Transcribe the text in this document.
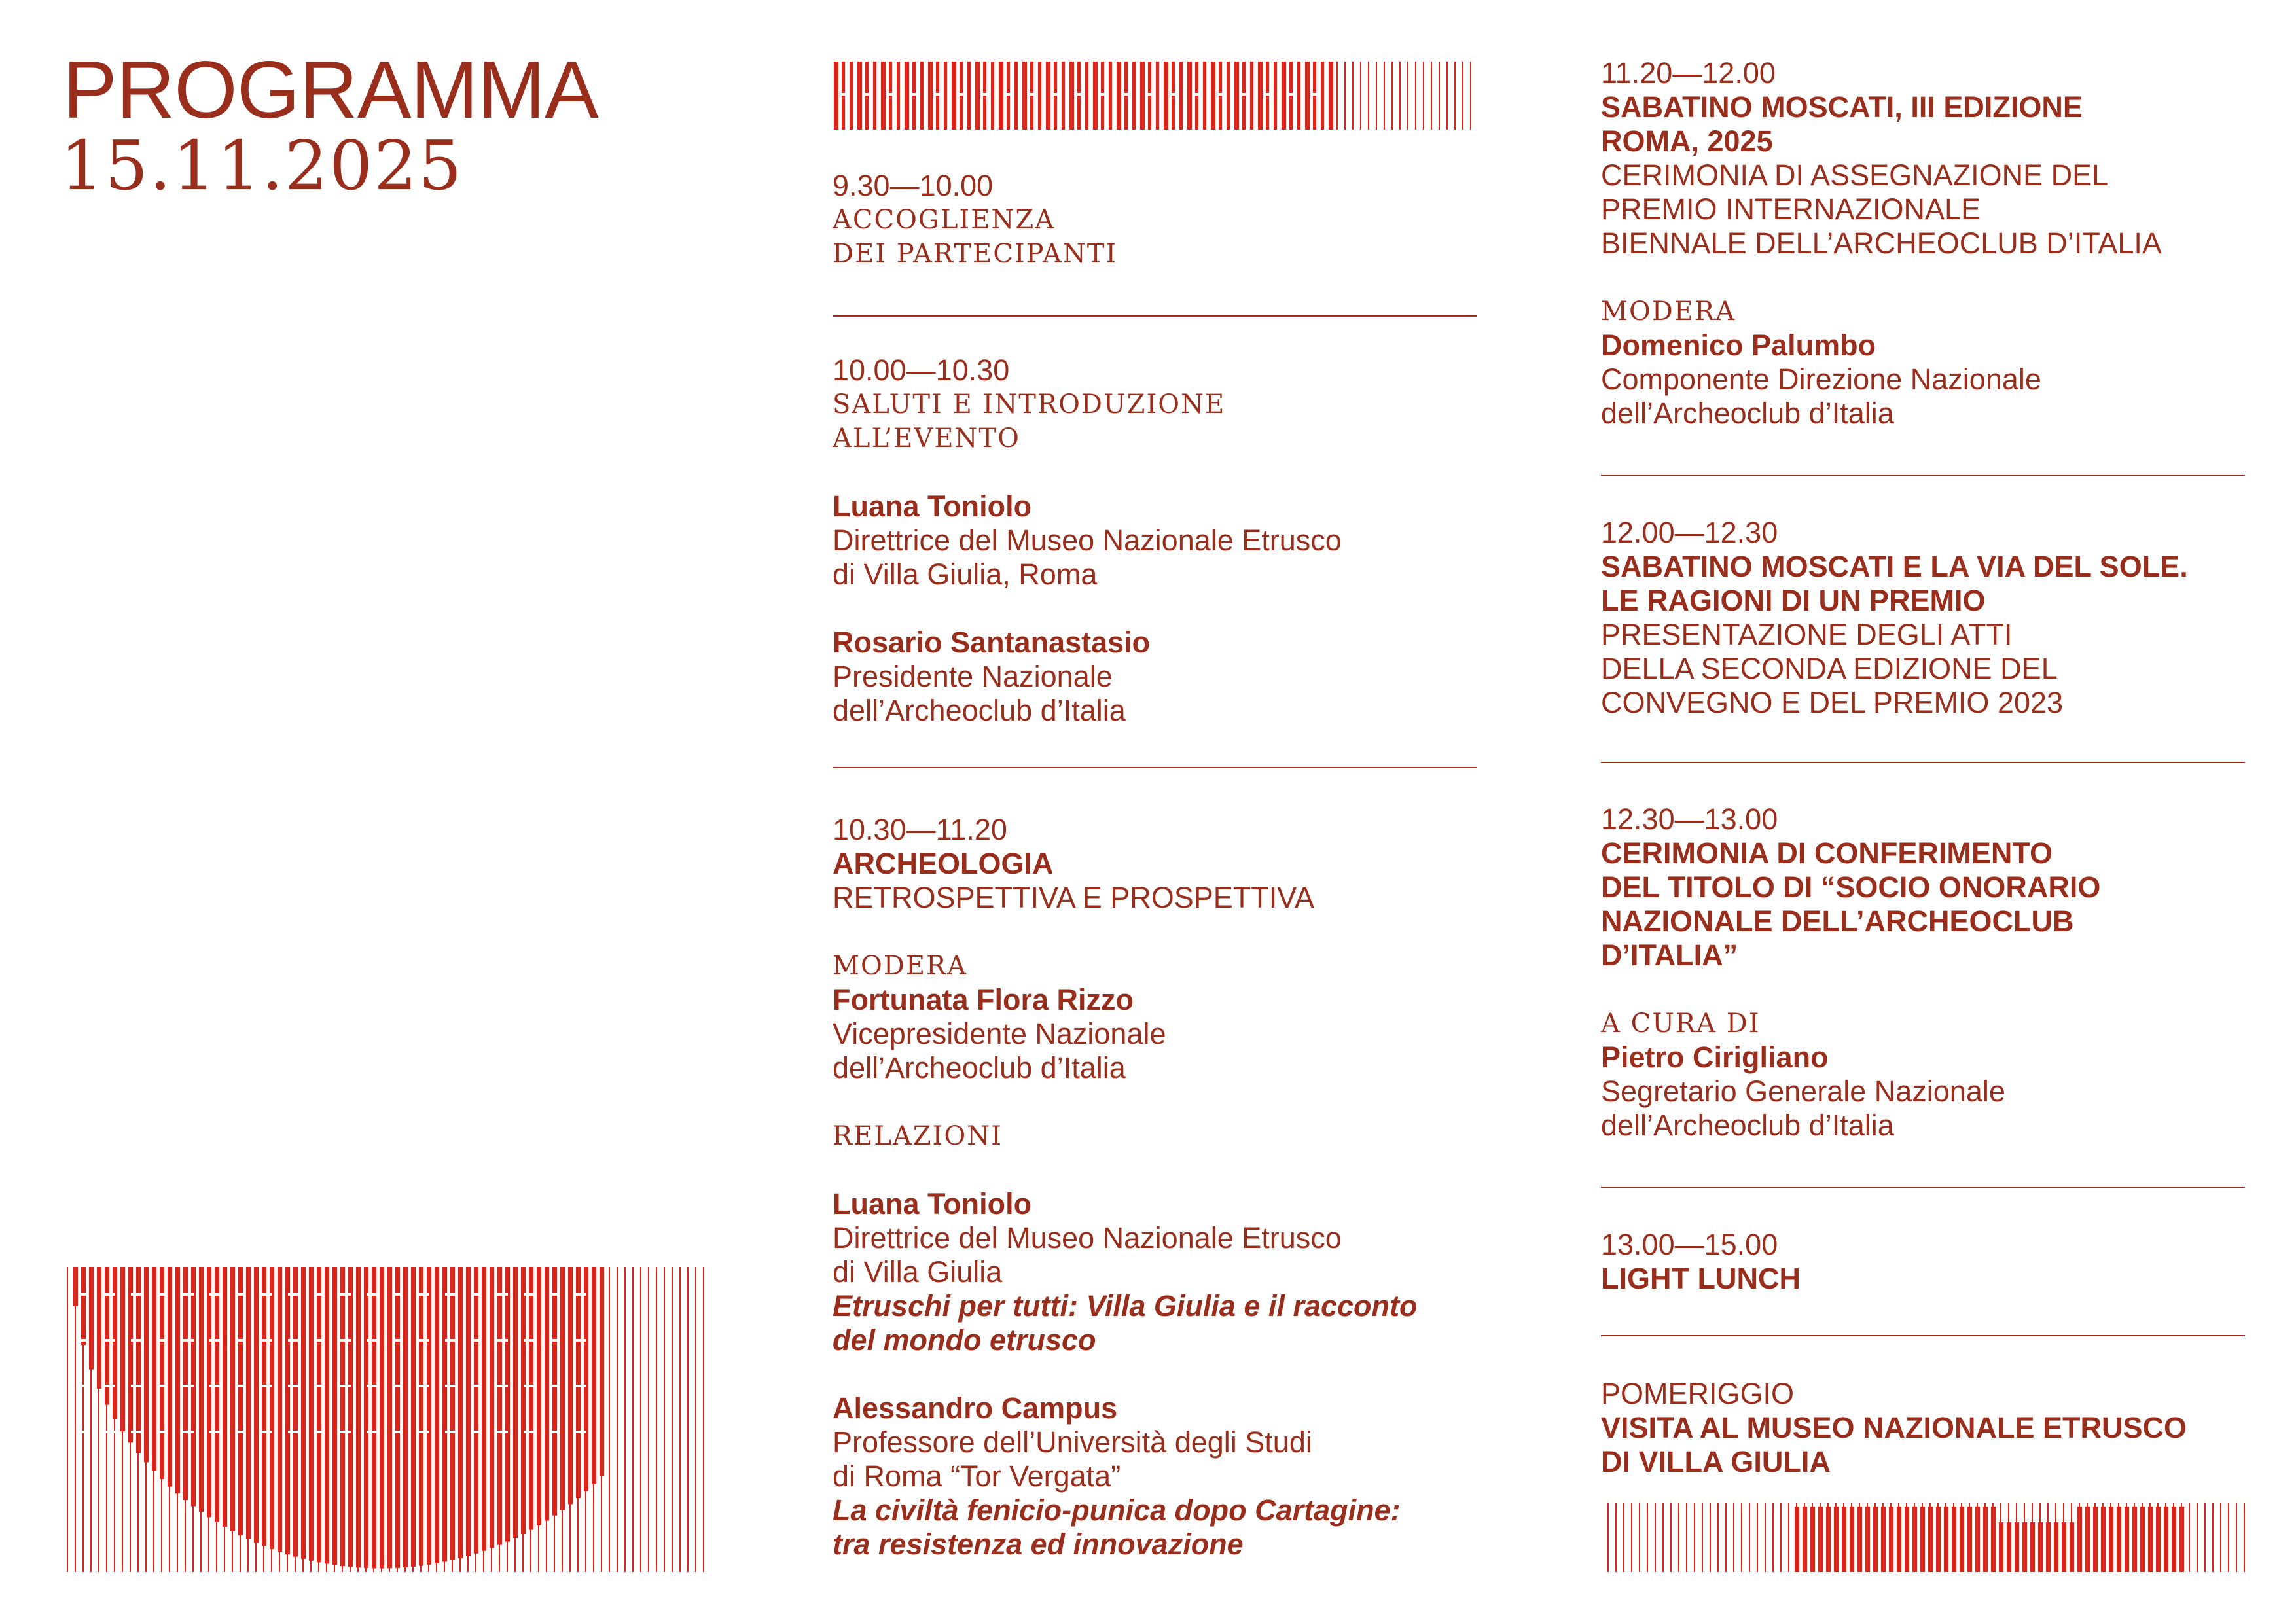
PROGRAMMA
15.11.2025	9.30—10.00
ACCOGLIENZA
DEI PARTECIPANTI
10.00—10.30
SALUTI E INTRODUZIONE
ALL’EVENTO
Luana Toniolo
Direttrice del Museo Nazionale Etrusco
di Villa Giulia, Roma
Rosario Santanastasio
Presidente Nazionale
dell’Archeoclub d’Italia
10.30—11.20
ARCHEOLOGIA
RETROSPETTIVA E PROSPETTIVA
MODERA
Fortunata Flora Rizzo
Vicepresidente Nazionale
dell’Archeoclub d’Italia
RELAZIONI
Luana Toniolo
Direttrice del Museo Nazionale Etrusco
di Villa Giulia
Etruschi per tutti: Villa Giulia e il racconto
del mondo etrusco
Alessandro Campus
Professore dell’Università degli Studi
di Roma “Tor Vergata”
La civiltà fenicio-punica dopo Cartagine:
tra resistenza ed innovazione
11.20—12.00
SABATINO MOSCATI, III EDIZIONE
ROMA, 2025
CERIMONIA DI ASSEGNAZIONE DEL
PREMIO INTERNAZIONALE
BIENNALE DELL’ARCHEOCLUB D’ITALIA
MODERA
Domenico Palumbo
Componente Direzione Nazionale
dell’Archeoclub d’Italia
12.00—12.30
SABATINO MOSCATI E LA VIA DEL SOLE.
LE RAGIONI DI UN PREMIO
PRESENTAZIONE DEGLI ATTI
DELLA SECONDA EDIZIONE DEL
CONVEGNO E DEL PREMIO 2023
12.30—13.00
CERIMONIA DI CONFERIMENTO
DEL TITOLO DI “SOCIO ONORARIO
NAZIONALE DELL’ARCHEOCLUB
D’ITALIA”
A CURA DI
Pietro Cirigliano
Segretario Generale Nazionale
dell’Archeoclub d’Italia
13.00—15.00
LIGHT LUNCH
POMERIGGIO
VISITA AL MUSEO NAZIONALE ETRUSCO
DI VILLA GIULIA
